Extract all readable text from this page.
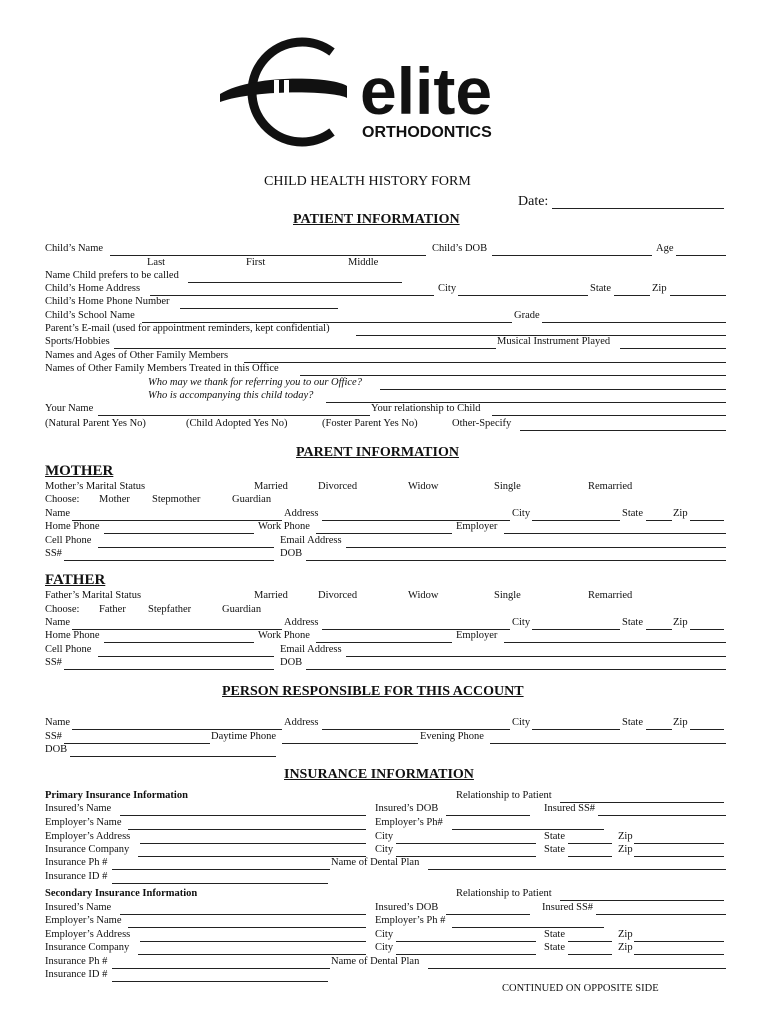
elite
ORTHODONTICS
CHILD HEALTH HISTORY FORM
Date:
PATIENT INFORMATION
Child’s Name	Child’s DOB	Age
Last	First	Middle
Name Child prefers to be called
Child’s Home Address	City	State	Zip
Child’s Home Phone Number
Child’s School Name	Grade
Parent’s E-mail (used for appointment reminders, kept confidential)
Sports/Hobbies	Musical Instrument Played
Names and Ages of Other Family Members
Names of Other Family Members Treated in this Office
Who may we thank for referring you to our Office?
Who is accompanying this child today?
Your Name	Your relationship to Child
(Natural Parent Yes No)	(Child Adopted Yes No)	(Foster Parent Yes No)	Other-Specify
PARENT INFORMATION
MOTHER
Mother’s Marital Status	Married	Divorced	Widow	Single	Remarried
Choose: Mother Stepmother	Guardian
Name	Address	City	State	Zip
Home Phone	Work Phone	Employer
Cell Phone	Email Address
SS#	DOB
FATHER
Father’s Marital Status	Married	Divorced	Widow	Single	Remarried
Choose: Father Stepfather	Guardian
Name	Address	City	State	Zip
Home Phone	Work Phone	Employer
Cell Phone	Email Address
SS#	DOB
PERSON RESPONSIBLE FOR THIS ACCOUNT
Name	Address	City	State	Zip
SS#	Daytime Phone	Evening Phone
DOB
INSURANCE INFORMATION
Primary Insurance Information	Relationship to Patient
Insured’s Name	Insured’s DOB	Insured SS#
Employer’s Name	Employer’s Ph#
Employer’s Address	City	State	Zip
Insurance Company	City	State	Zip
Insurance Ph #	Name of Dental Plan
Insurance ID #
Secondary Insurance Information	Relationship to Patient
Insured’s Name	Insured’s DOB	Insured SS#
Employer’s Name	Employer’s Ph #
Employer’s Address	City	State	Zip
Insurance Company	City	State	Zip
Insurance Ph #	Name of Dental Plan
Insurance ID #
CONTINUED ON OPPOSITE SIDE
